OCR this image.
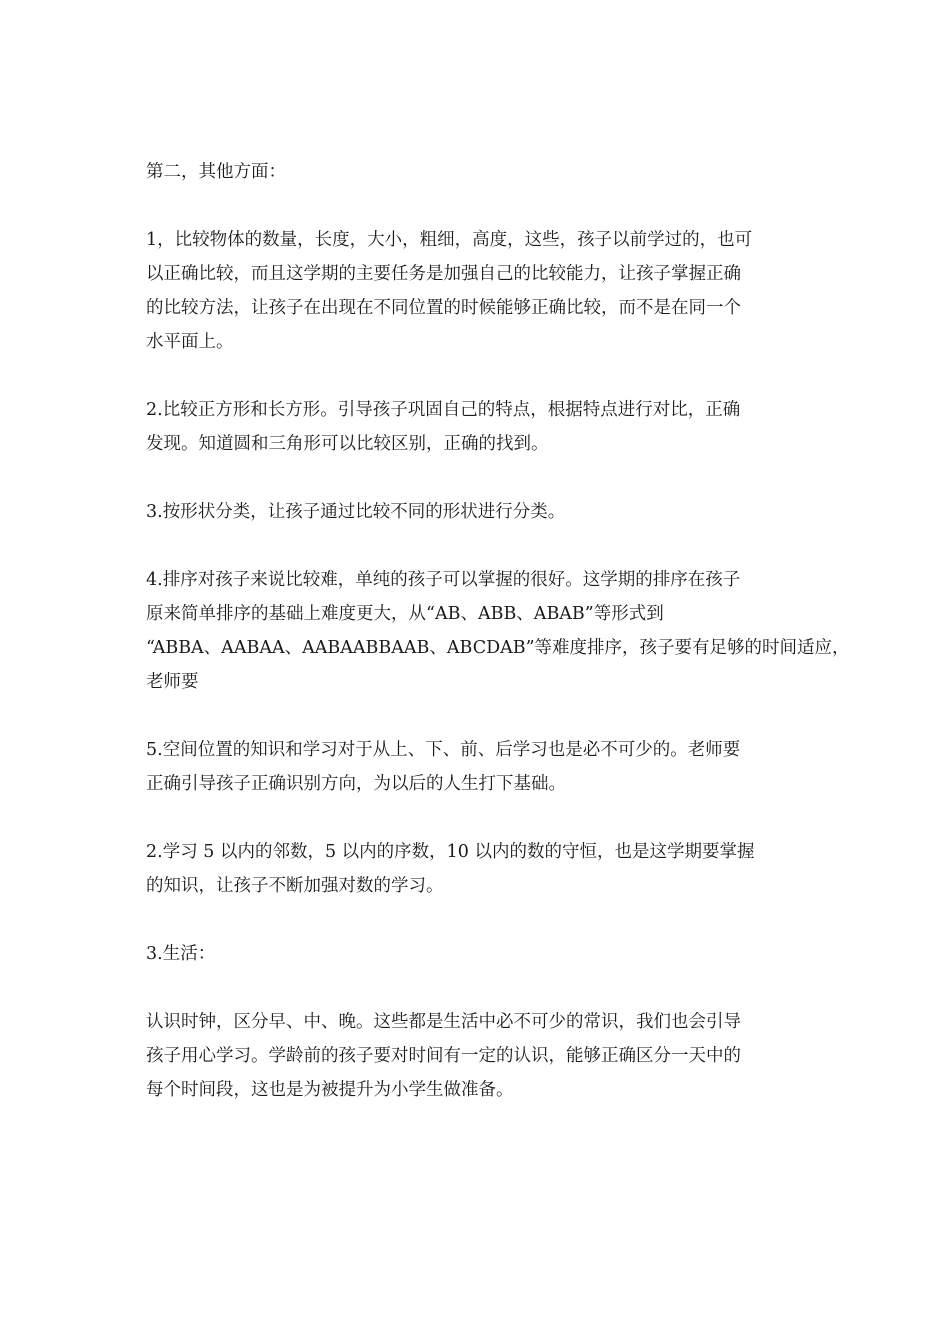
第二，其他方面：

1，比较物体的数量，长度，大小，粗细，高度，这些，孩子以前学过的，也可
以正确比较，而且这学期的主要任务是加强自己的比较能力，让孩子掌握正确
的比较方法，让孩子在出现在不同位置的时候能够正确比较，而不是在同一个
水平面上。

2.比较正方形和长方形。引导孩子巩固自己的特点，根据特点进行对比，正确
发现。知道圆和三角形可以比较区别，正确的找到。

3.按形状分类，让孩子通过比较不同的形状进行分类。

4.排序对孩子来说比较难，单纯的孩子可以掌握的很好。这学期的排序在孩子
原来简单排序的基础上难度更大，从“AB、ABB、ABAB”等形式到
“ABBA、AABAA、AABAABBAAB、ABCDAB”等难度排序，孩子要有足够的时间适应，
老师要

5.空间位置的知识和学习对于从上、下、前、后学习也是必不可少的。老师要
正确引导孩子正确识别方向，为以后的人生打下基础。

2.学习 5 以内的邻数，5 以内的序数，10 以内的数的守恒，也是这学期要掌握
的知识，让孩子不断加强对数的学习。

3.生活：

认识时钟，区分早、中、晚。这些都是生活中必不可少的常识，我们也会引导
孩子用心学习。学龄前的孩子要对时间有一定的认识，能够正确区分一天中的
每个时间段，这也是为被提升为小学生做准备。
